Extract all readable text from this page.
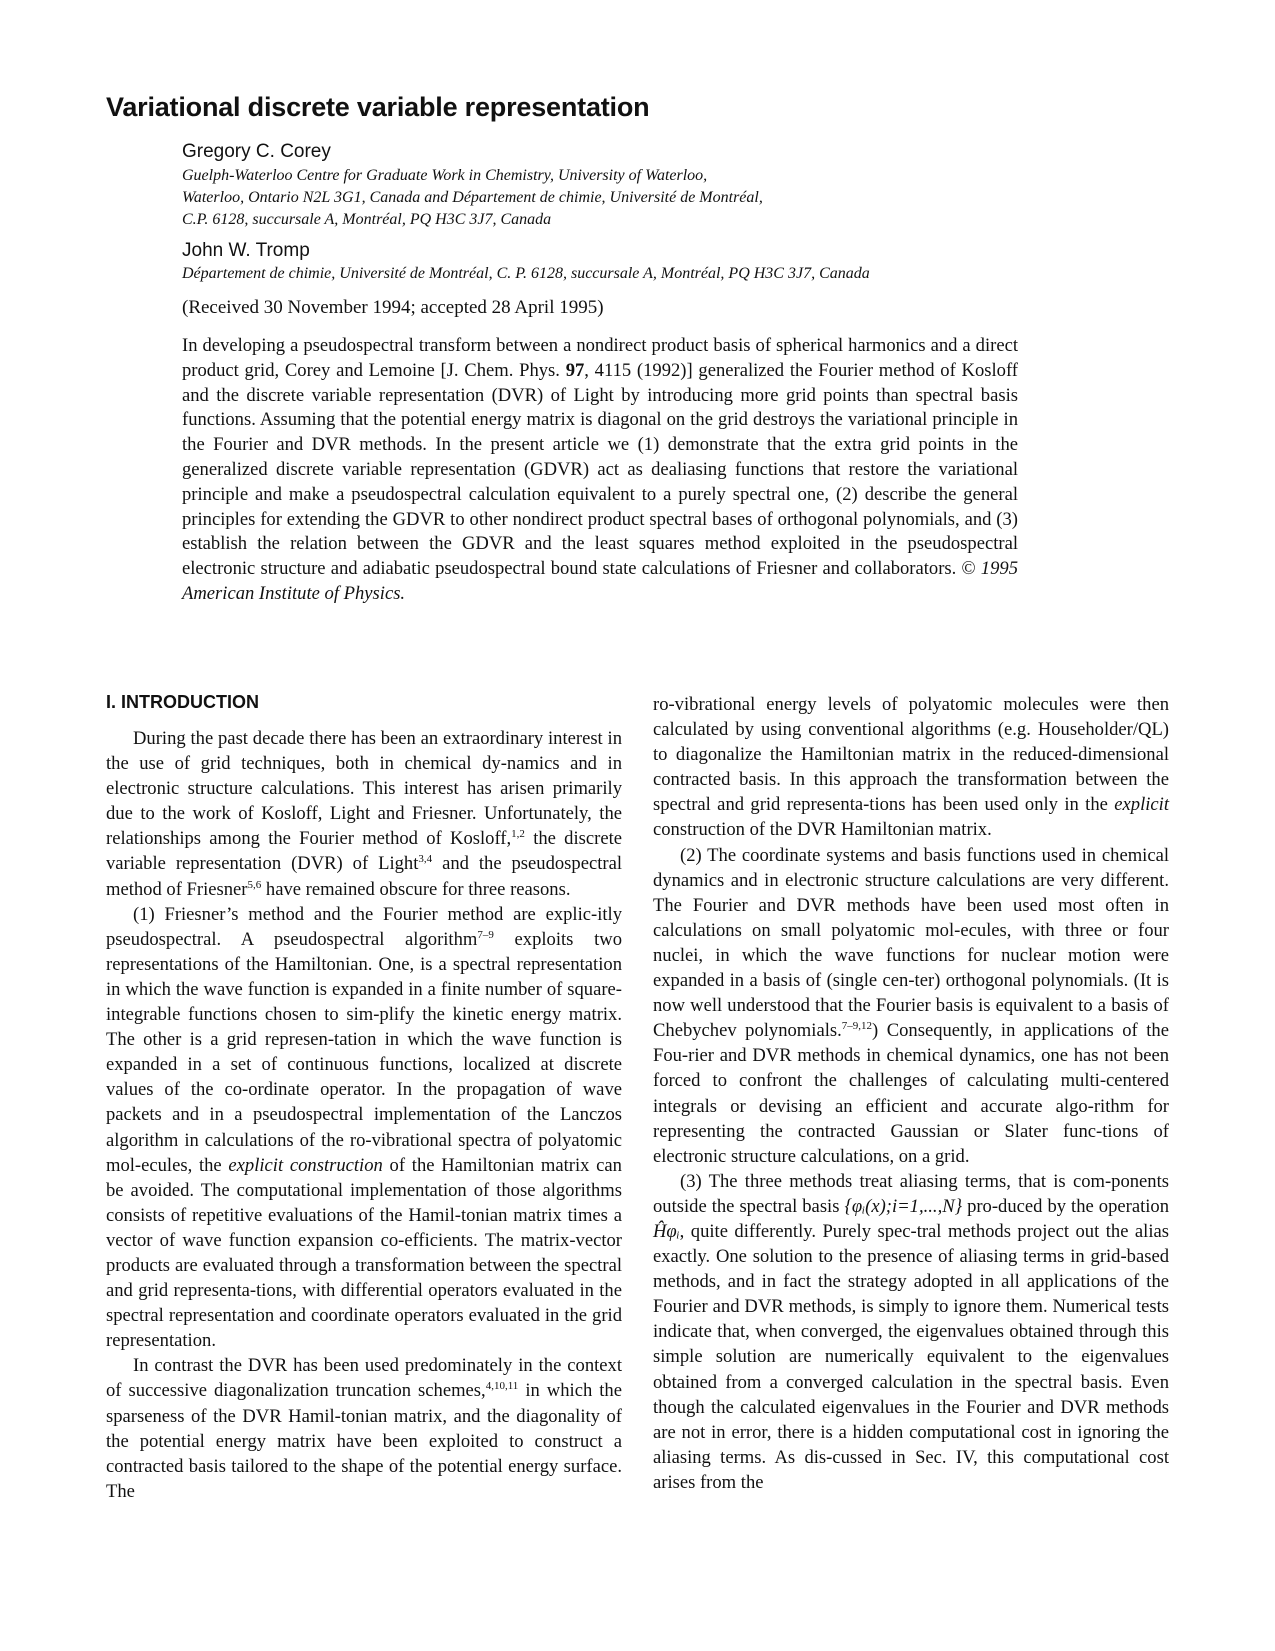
Variational discrete variable representation
Gregory C. Corey
Guelph-Waterloo Centre for Graduate Work in Chemistry, University of Waterloo,
Waterloo, Ontario N2L 3G1, Canada and Département de chimie, Université de Montréal,
C.P. 6128, succursale A, Montréal, PQ H3C 3J7, Canada
John W. Tromp
Département de chimie, Université de Montréal, C. P. 6128, succursale A, Montréal, PQ H3C 3J7, Canada
(Received 30 November 1994; accepted 28 April 1995)
In developing a pseudospectral transform between a nondirect product basis of spherical harmonics and a direct product grid, Corey and Lemoine [J. Chem. Phys. 97, 4115 (1992)] generalized the Fourier method of Kosloff and the discrete variable representation (DVR) of Light by introducing more grid points than spectral basis functions. Assuming that the potential energy matrix is diagonal on the grid destroys the variational principle in the Fourier and DVR methods. In the present article we (1) demonstrate that the extra grid points in the generalized discrete variable representation (GDVR) act as dealiasing functions that restore the variational principle and make a pseudospectral calculation equivalent to a purely spectral one, (2) describe the general principles for extending the GDVR to other nondirect product spectral bases of orthogonal polynomials, and (3) establish the relation between the GDVR and the least squares method exploited in the pseudospectral electronic structure and adiabatic pseudospectral bound state calculations of Friesner and collaborators. © 1995 American Institute of Physics.
I. INTRODUCTION

During the past decade there has been an extraordinary interest in the use of grid techniques, both in chemical dy-namics and in electronic structure calculations. This interest has arisen primarily due to the work of Kosloff, Light and Friesner. Unfortunately, the relationships among the Fourier method of Kosloff,$^{1,2}$ the discrete variable representation (DVR) of Light$^{3,4}$ and the pseudospectral method of Friesner$^{5,6}$ have remained obscure for three reasons.

(1) Friesner’s method and the Fourier method are explic-itly pseudospectral. A pseudospectral algorithm$^{7-9}$ exploits two representations of the Hamiltonian. One, is a spectral representation in which the wave function is expanded in a finite number of square-integrable functions chosen to sim-plify the kinetic energy matrix. The other is a grid represen-tation in which the wave function is expanded in a set of continuous functions, localized at discrete values of the co-ordinate operator. In the propagation of wave packets and in a pseudospectral implementation of the Lanczos algorithm in calculations of the ro-vibrational spectra of polyatomic mol-ecules, the explicit construction of the Hamiltonian matrix can be avoided. The computational implementation of those algorithms consists of repetitive evaluations of the Hamil-tonian matrix times a vector of wave function expansion co-efficients. The matrix-vector products are evaluated through a transformation between the spectral and grid representa-tions, with differential operators evaluated in the spectral representation and coordinate operators evaluated in the grid representation.

In contrast the DVR has been used predominately in the context of successive diagonalization truncation schemes,$^{4,10,11}$ in which the sparseness of the DVR Hamil-tonian matrix, and the diagonality of the potential energy matrix have been exploited to construct a contracted basis tailored to the shape of the potential energy surface. The

ro-vibrational energy levels of polyatomic molecules were then calculated by using conventional algorithms (e.g. Householder/QL) to diagonalize the Hamiltonian matrix in the reduced-dimensional contracted basis. In this approach the transformation between the spectral and grid representa-tions has been used only in the explicit construction of the DVR Hamiltonian matrix.

(2) The coordinate systems and basis functions used in chemical dynamics and in electronic structure calculations are very different. The Fourier and DVR methods have been used most often in calculations on small polyatomic mol-ecules, with three or four nuclei, in which the wave functions for nuclear motion were expanded in a basis of (single cen-ter) orthogonal polynomials. (It is now well understood that the Fourier basis is equivalent to a basis of Chebychev polynomials.$^{7-9,12}$) Consequently, in applications of the Fou-rier and DVR methods in chemical dynamics, one has not been forced to confront the challenges of calculating multi-centered integrals or devising an efficient and accurate algo-rithm for representing the contracted Gaussian or Slater func-tions of electronic structure calculations, on a grid.

(3) The three methods treat aliasing terms, that is com-ponents outside the spectral basis {φᵢ(x);i=1,...,N} pro-duced by the operation Ĥφᵢ, quite differently. Purely spec-tral methods project out the alias exactly. One solution to the presence of aliasing terms in grid-based methods, and in fact the strategy adopted in all applications of the Fourier and DVR methods, is simply to ignore them. Numerical tests indicate that, when converged, the eigenvalues obtained through this simple solution are numerically equivalent to the eigenvalues obtained from a converged calculation in the spectral basis. Even though the calculated eigenvalues in the Fourier and DVR methods are not in error, there is a hidden computational cost in ignoring the aliasing terms. As dis-cussed in Sec. IV, this computational cost arises from the
